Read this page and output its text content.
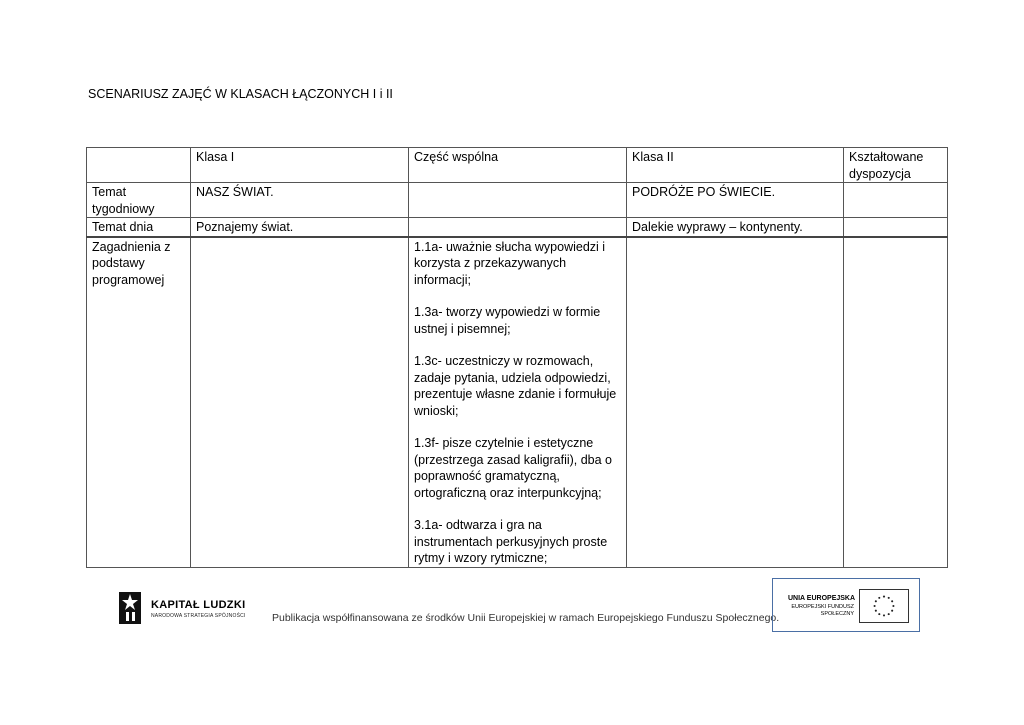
SCENARIUSZ ZAJĘĆ W KLASACH ŁĄCZONYCH I i II
	Klasa I	Część wspólna	Klasa II	Kształtowane dyspozycja
Temat tygodniowy	NASZ ŚWIAT.		PODRÓŻE PO ŚWIECIE.	
Temat dnia	Poznajemy świat.		Dalekie wyprawy – kontynenty.	
Zagadnienia z podstawy programowej		1.1a- uważnie słucha wypowiedzi i korzysta z przekazywanych informacji;
1.3a- tworzy wypowiedzi w formie ustnej i pisemnej;
1.3c- uczestniczy w rozmowach, zadaje pytania, udziela odpowiedzi, prezentuje własne zdanie i formułuje wnioski;
1.3f- pisze czytelnie i estetyczne (przestrzega zasad kaligrafii), dba o poprawność gramatyczną, ortograficzną oraz interpunkcyjną;
3.1a- odtwarza i gra na instrumentach perkusyjnych proste rytmy i wzory rytmiczne;		

KAPITAŁ LUDZKI
NARODOWA STRATEGIA SPÓJNOŚCI	Publikacja współfinansowana ze środków Unii Europejskiej w ramach Europejskiego Funduszu Społecznego.
UNIA EUROPEJSKA
EUROPEJSKI FUNDUSZ SPOŁECZNY
